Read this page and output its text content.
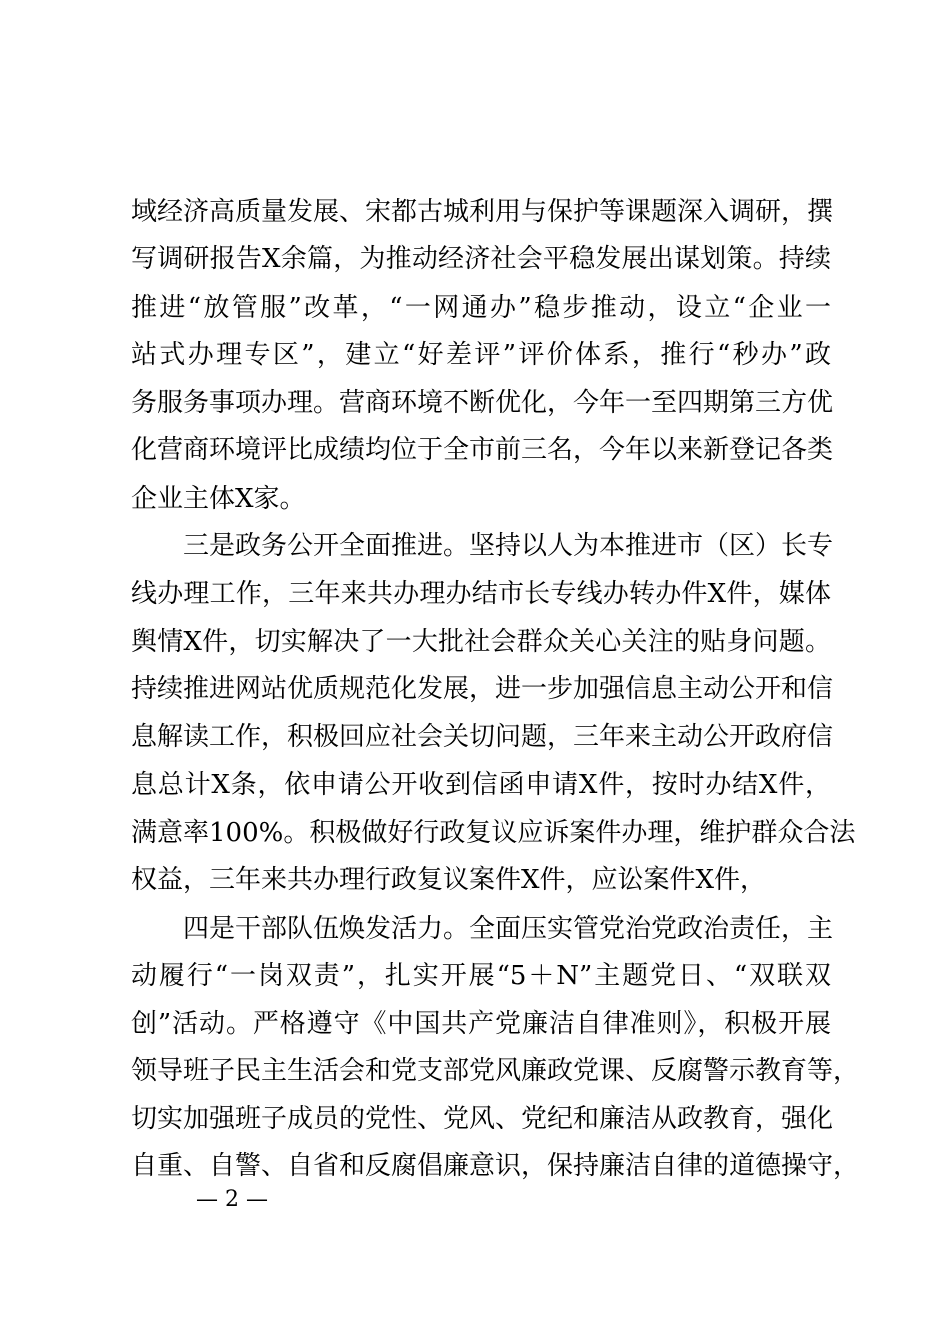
域经济高质量发展、宋都古城利用与保护等课题深入调研，撰
写调研报告X余篇，为推动经济社会平稳发展出谋划策。持续
推进“放管服”改革，“一网通办”稳步推动，设立“企业一
站式办理专区”，建立“好差评”评价体系，推行“秒办”政
务服务事项办理。营商环境不断优化，今年一至四期第三方优
化营商环境评比成绩均位于全市前三名，今年以来新登记各类
企业主体X家。
三是政务公开全面推进。坚持以人为本推进市（区）长专
线办理工作，三年来共办理办结市长专线办转办件X件，媒体
舆情X件，切实解决了一大批社会群众关心关注的贴身问题。
持续推进网站优质规范化发展，进一步加强信息主动公开和信
息解读工作，积极回应社会关切问题，三年来主动公开政府信
息总计X条，依申请公开收到信函申请X件，按时办结X件，
满意率100%。积极做好行政复议应诉案件办理，维护群众合法
权益，三年来共办理行政复议案件X件，应讼案件X件，
四是干部队伍焕发活力。全面压实管党治党政治责任，主
动履行“一岗双责”，扎实开展“5＋N”主题党日、“双联双
创”活动。严格遵守《中国共产党廉洁自律准则》，积极开展
领导班子民主生活会和党支部党风廉政党课、反腐警示教育等，
切实加强班子成员的党性、党风、党纪和廉洁从政教育，强化
自重、自警、自省和反腐倡廉意识，保持廉洁自律的道德操守，
— 2 —
